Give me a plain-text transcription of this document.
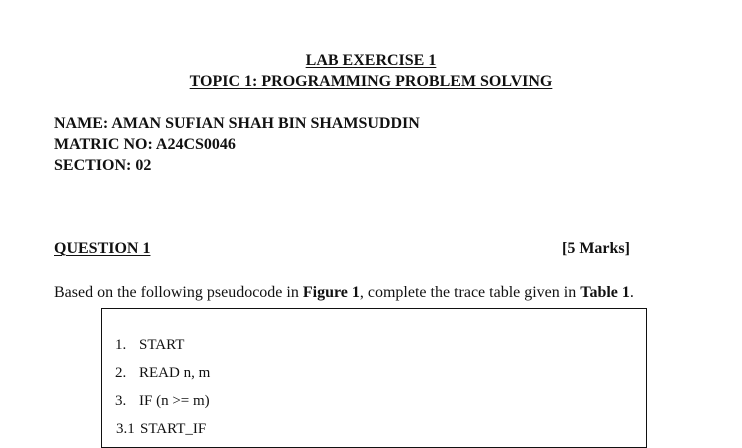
LAB EXERCISE 1
TOPIC 1: PROGRAMMING PROBLEM SOLVING
NAME: AMAN SUFIAN SHAH BIN SHAMSUDDIN
MATRIC NO: A24CS0046
SECTION: 02
QUESTION 1	[5 Marks]
Based on the following pseudocode in Figure 1, complete the trace table given in Table 1.
1. START
2. READ n, m
3. IF (n >= m)
3.1 START_IF
